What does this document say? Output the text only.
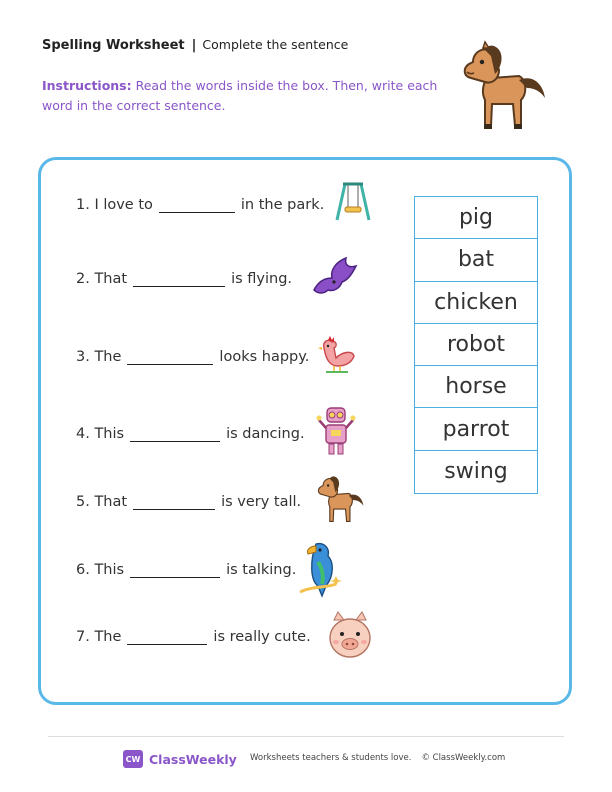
Spelling Worksheet | Complete the sentence
Instructions: Read the words inside the box. Then, write each word in the correct sentence.
1. I love to	in the park.
2. That	is flying.
3. The	looks happy.
4. This	is dancing.
5. That	is very tall.
6. This	is talking.
7. The	is really cute.
pig
bat
chicken
robot
horse
parrot
swing
CW ClassWeekly Worksheets teachers & students love. © ClassWeekly.com
